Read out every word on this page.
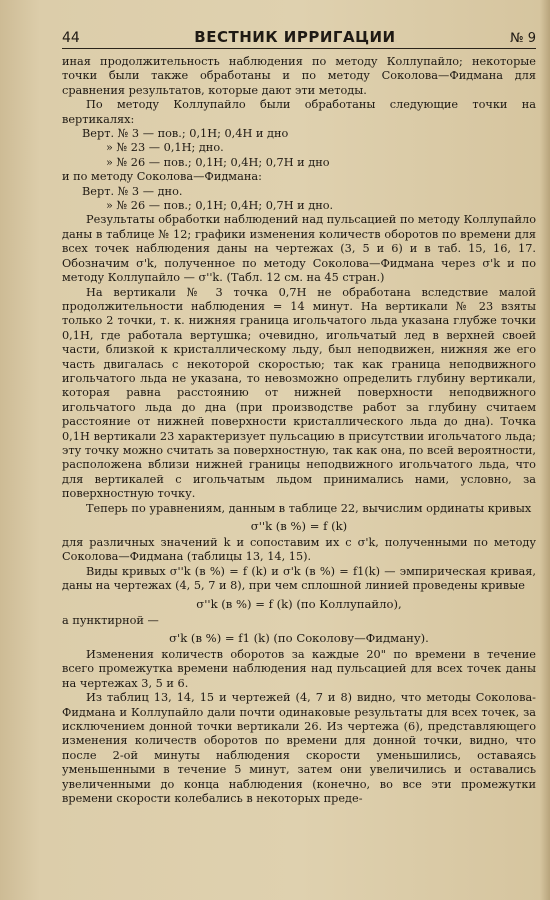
44	ВЕСТНИК ИРРИГАЦИИ	№ 9

иная продолжительность наблюдения по методу Коллупайло; некоторые точки были также обработаны и по методу Соколова—Фидмана для сравнения результатов, которые дают эти методы.

По методу Коллупайло были обработаны следующие точки на вертикалях:

Верт. № 3 — пов.; 0,1Н; 0,4Н и дно
» № 23 — 0,1Н; дно.
» № 26 — пов.; 0,1Н; 0,4Н; 0,7Н и дно

и по методу Соколова—Фидмана:

Верт. № 3 — дно.
» № 26 — пов.; 0,1Н; 0,4Н; 0,7Н и дно.

Результаты обработки наблюдений над пульсацией по методу Коллупайло даны в таблице № 12; графики изменения количеств оборотов по времени для всех точек наблюдения даны на чертежах (3, 5 и 6) и в таб. 15, 16, 17. Обозначим σ'k, полученное по методу Соколова—Фидмана через σ'k и по методу Коллупайло — σ''k. (Табл. 12 см. на 45 стран.)

На вертикали № 3 точка 0,7Н не обработана вследствие малой продолжительности наблюдения = 14 минут. На вертикали № 23 взяты только 2 точки, т. к. нижняя граница игольчатого льда указана глубже точки 0,1Н, где работала вертушка; очевидно, игольчатый лед в верхней своей части, близкой к кристаллическому льду, был неподвижен, нижняя же его часть двигалась с некоторой скоростью; так как граница неподвижного игольчатого льда не указана, то невозможно определить глубину вертикали, которая равна расстоянию от нижней поверхности неподвижного игольчатого льда до дна (при производстве работ за глубину считаем расстояние от нижней поверхности кристаллического льда до дна). Точка 0,1Н вертикали 23 характеризует пульсацию в присутствии игольчатого льда; эту точку можно считать за поверхностную, так как она, по всей вероятности, расположена вблизи нижней границы неподвижного игольчатого льда, что для вертикалей с игольчатым льдом принимались нами, условно, за поверхностную точку.

Теперь по уравнениям, данным в таблице 22, вычислим ординаты кривых

σ''k (в %) = f (k)

для различных значений k и сопоставим их с σ'k, полученными по методу Соколова—Фидмана (таблицы 13, 14, 15).

Виды кривых σ''k (в %) = f (k) и σ'k (в %) = f1(k) — эмпирическая кривая, даны на чертежах (4, 5, 7 и 8), при чем сплошной линией проведены кривые

σ''k (в %) = f (k) (по Коллупайло),

а пунктирной —

σ'k (в %) = f1 (k) (по Соколову—Фидману).

Изменения количеств оборотов за каждые 20" по времени в течение всего промежутка времени наблюдения над пульсацией для всех точек даны на чертежах 3, 5 и 6.

Из таблиц 13, 14, 15 и чертежей (4, 7 и 8) видно, что методы Соколова-Фидмана и Коллупайло дали почти одинаковые результаты для всех точек, за исключением донной точки вертикали 26. Из чертежа (6), представляющего изменения количеств оборотов по времени для донной точки, видно, что после 2-ой минуты наблюдения скорости уменьшились, оставаясь уменьшенными в течение 5 минут, затем они увеличились и оставались увеличенными до конца наблюдения (конечно, во все эти промежутки времени скорости колебались в некоторых преде-
